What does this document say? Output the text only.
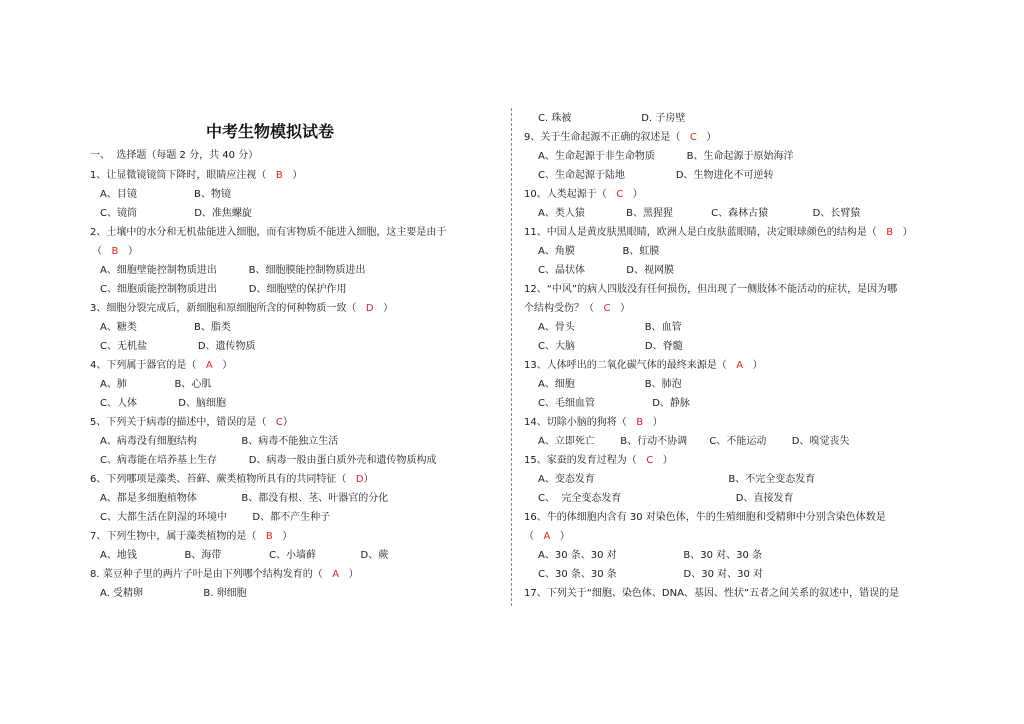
中考生物模拟试卷
一、  选择题（每题 2 分，共 40 分）
1、让显微镜镜筒下降时，眼睛应注视（   B   ）
A、目镜                  B、物镜
C、镜筒                  D、准焦螺旋
2、土壤中的水分和无机盐能进入细胞，而有害物质不能进入细胞，这主要是由于
（   B   ）
A、细胞壁能控制物质进出          B、细胞膜能控制物质进出
C、细胞质能控制物质进出          D、细胞壁的保护作用
3、细胞分裂完成后，新细胞和原细胞所含的何种物质一致（   D   ）
A、糖类                  B、脂类
C、无机盐                D、遗传物质
4、下列属于器官的是（   A   ）
A、肺               B、心肌
C、人体             D、脑细胞
5、下列关于病毒的描述中，错误的是（   C）
A、病毒没有细胞结构              B、病毒不能独立生活
C、病毒能在培养基上生存          D、病毒一般由蛋白质外壳和遗传物质构成
6、下列哪项是藻类、苔藓、蕨类植物所具有的共同特征（   D）
A、都是多细胞植物体              B、都没有根、茎、叶器官的分化
C、大都生活在阴湿的环境中        D、都不产生种子
7、下列生物中，属于藻类植物的是（   B   ）
A、地钱               B、海带               C、小墙藓              D、蕨
8. 菜豆种子里的两片子叶是由下列哪个结构发育的（   A   ）
A. 受精卵                   B. 卵细胞
C. 珠被                      D. 子房壁
9、关于生命起源不正确的叙述是（   C   ）
A、生命起源于非生命物质          B、生命起源于原始海洋
C、生命起源于陆地                D、生物进化不可逆转
10、人类起源于（   C   ）
A、类人猿             B、黑猩猩            C、森林古猿              D、长臂猿
11、中国人是黄皮肤黑眼睛，欧洲人是白皮肤蓝眼睛，决定眼球颜色的结构是（   B   ）
A、角膜               B、虹膜
C、晶状体             D、视网膜
12、“中风”的病人四肢没有任何损伤，但出现了一侧肢体不能活动的症状，是因为哪
个结构受伤？（   C   ）
A、骨头                      B、血管
C、大脑                      D、脊髓
13、人体呼出的二氧化碳气体的最终来源是（   A   ）
A、细胞                      B、肺泡
C、毛细血管                  D、静脉
14、切除小脑的狗将（   B   ）
A、立即死亡        B、行动不协调       C、不能运动        D、嗅觉丧失
15、家蚕的发育过程为（   C   ）
A、变态发育                                          B、不完全变态发育
C、  完全变态发育                                    D、直接发育
16、牛的体细胞内含有 30 对染色体，牛的生殖细胞和受精卵中分别含染色体数是
（   A   ）
A、30 条、30 对                     B、30 对、30 条
C、30 条、30 条                     D、30 对、30 对
17、下列关于“细胞、染色体、DNA、基因、性状”五者之间关系的叙述中，错误的是
